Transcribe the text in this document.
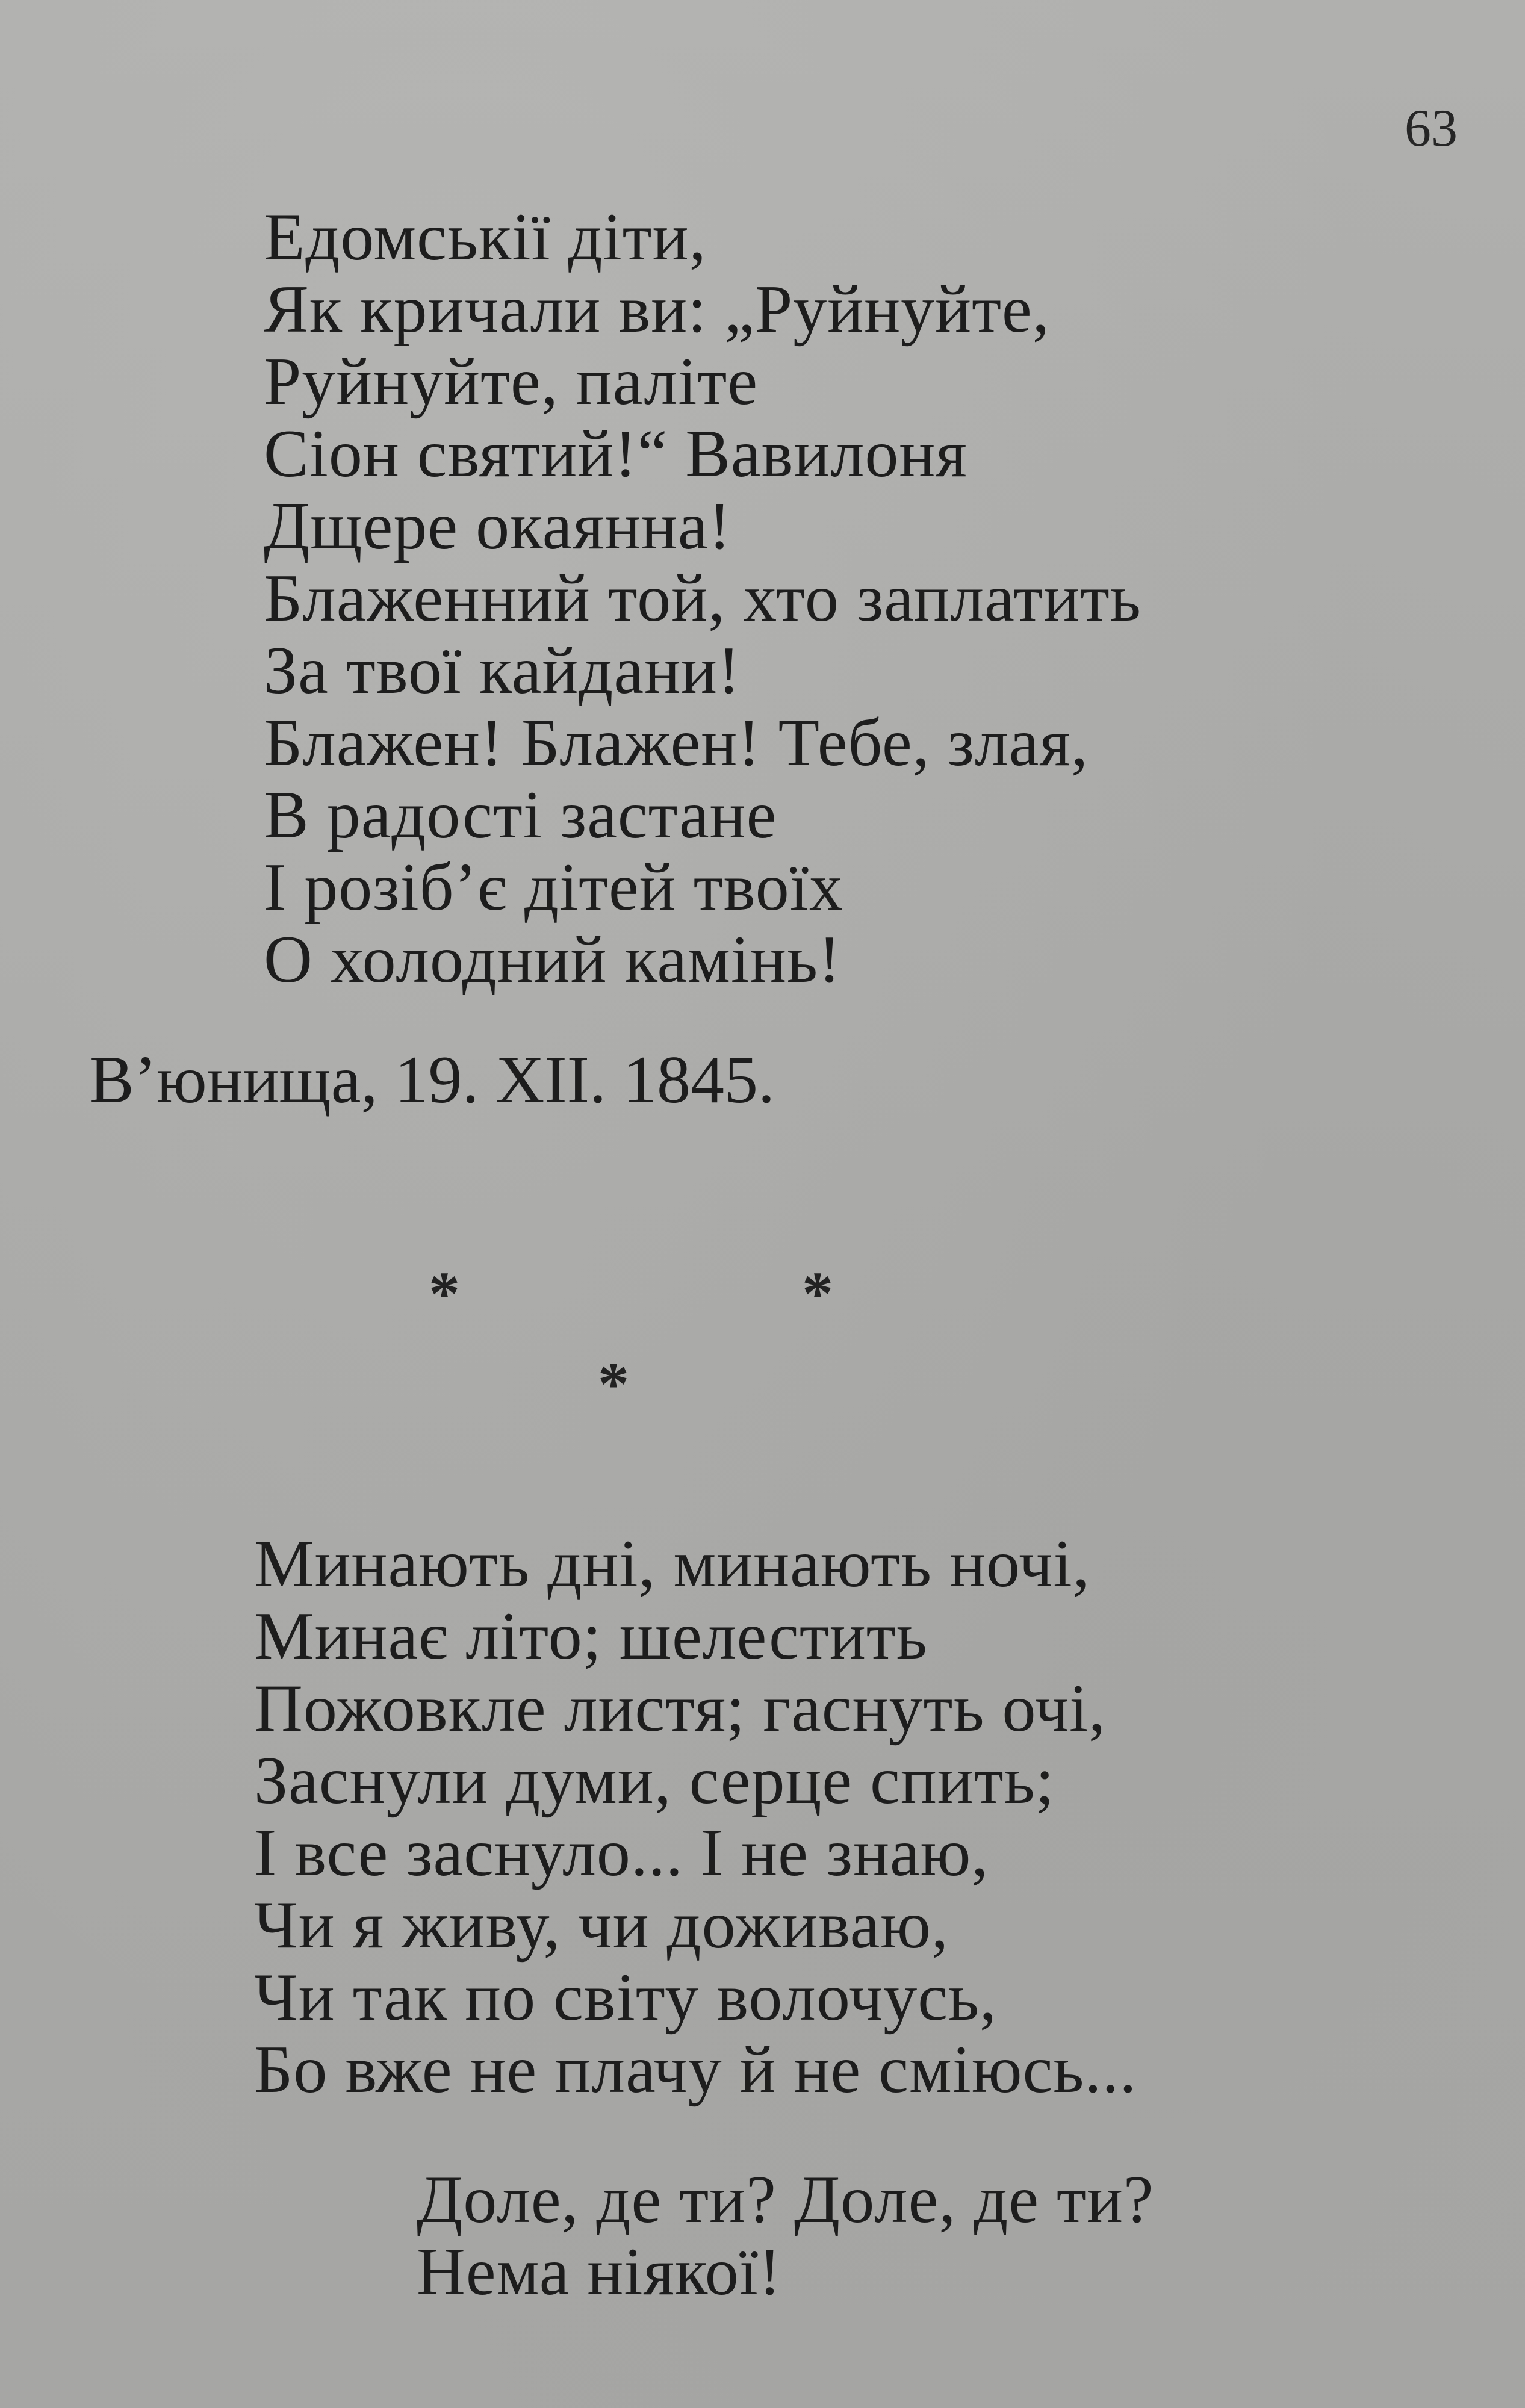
63
Едомськії діти,
Як кричали ви: „Руйнуйте,
Руйнуйте, паліте
Сіон святий!“ Вавилоня
Дщере окаянна!
Блаженний той, хто заплатить
За твої кайдани!
Блажен! Блажен! Тебе, злая,
В радості застане
І розіб’є дітей твоїх
О холодний камінь!
В’юнища, 19. XII. 1845.
*	*
*
Минають дні, минають ночі,
Минає літо; шелестить
Пожовкле листя; гаснуть очі,
Заснули думи, серце спить;
І все заснуло... І не знаю,
Чи я живу, чи доживаю,
Чи так по світу волочусь,
Бо вже не плачу й не сміюсь...
Доле, де ти? Доле, де ти?
Нема ніякої!
